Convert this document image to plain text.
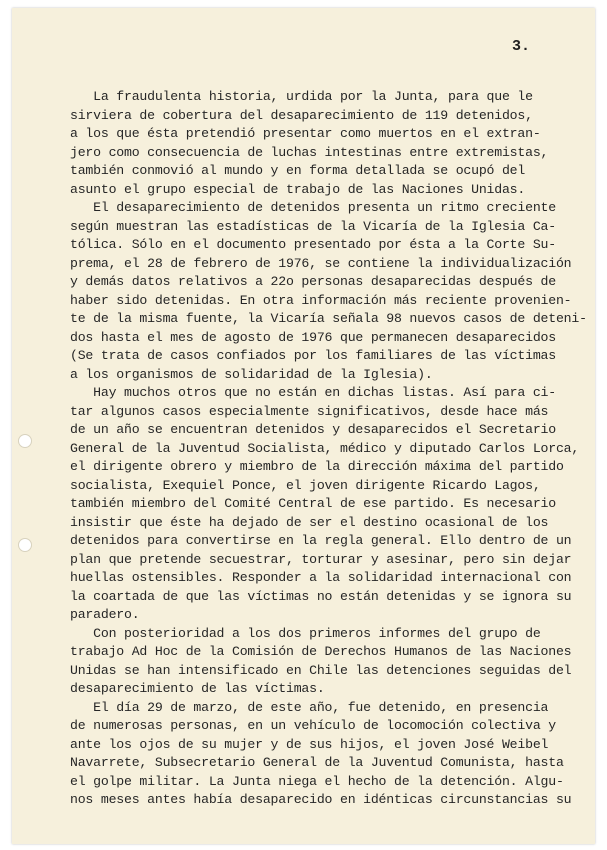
3.
La fraudulenta historia, urdida por la Junta, para que le
sirviera de cobertura del desaparecimiento de 119 detenidos,
a los que ésta pretendió presentar como muertos en el extran-
jero como consecuencia de luchas intestinas entre extremistas,
también conmovió al mundo y en forma detallada se ocupó del
asunto el grupo especial de trabajo de las Naciones Unidas.
El desaparecimiento de detenidos presenta un ritmo creciente
según muestran las estadísticas de la Vicaría de la Iglesia Ca-
tólica. Sólo en el documento presentado por ésta a la Corte Su-
prema, el 28 de febrero de 1976, se contiene la individualización
y demás datos relativos a 22o personas desaparecidas después de
haber sido detenidas. En otra información más reciente provenien-
te de la misma fuente, la Vicaría señala 98 nuevos casos de deteni-
dos hasta el mes de agosto de 1976 que permanecen desaparecidos
(Se trata de casos confiados por los familiares de las víctimas
a los organismos de solidaridad de la Iglesia).
Hay muchos otros que no están en dichas listas. Así para ci-
tar algunos casos especialmente significativos, desde hace más
de un año se encuentran detenidos y desaparecidos el Secretario
General de la Juventud Socialista, médico y diputado Carlos Lorca,
el dirigente obrero y miembro de la dirección máxima del partido
socialista, Exequiel Ponce, el joven dirigente Ricardo Lagos,
también miembro del Comité Central de ese partido. Es necesario
insistir que éste ha dejado de ser el destino ocasional de los
detenidos para convertirse en la regla general. Ello dentro de un
plan que pretende secuestrar, torturar y asesinar, pero sin dejar
huellas ostensibles. Responder a la solidaridad internacional con
la coartada de que las víctimas no están detenidas y se ignora su
paradero.
Con posterioridad a los dos primeros informes del grupo de
trabajo Ad Hoc de la Comisión de Derechos Humanos de las Naciones
Unidas se han intensificado en Chile las detenciones seguidas del
desaparecimiento de las víctimas.
El día 29 de marzo, de este año, fue detenido, en presencia
de numerosas personas, en un vehículo de locomoción colectiva y
ante los ojos de su mujer y de sus hijos, el joven José Weibel
Navarrete, Subsecretario General de la Juventud Comunista, hasta
el golpe militar. La Junta niega el hecho de la detención. Algu-
nos meses antes había desaparecido en idénticas circunstancias su
